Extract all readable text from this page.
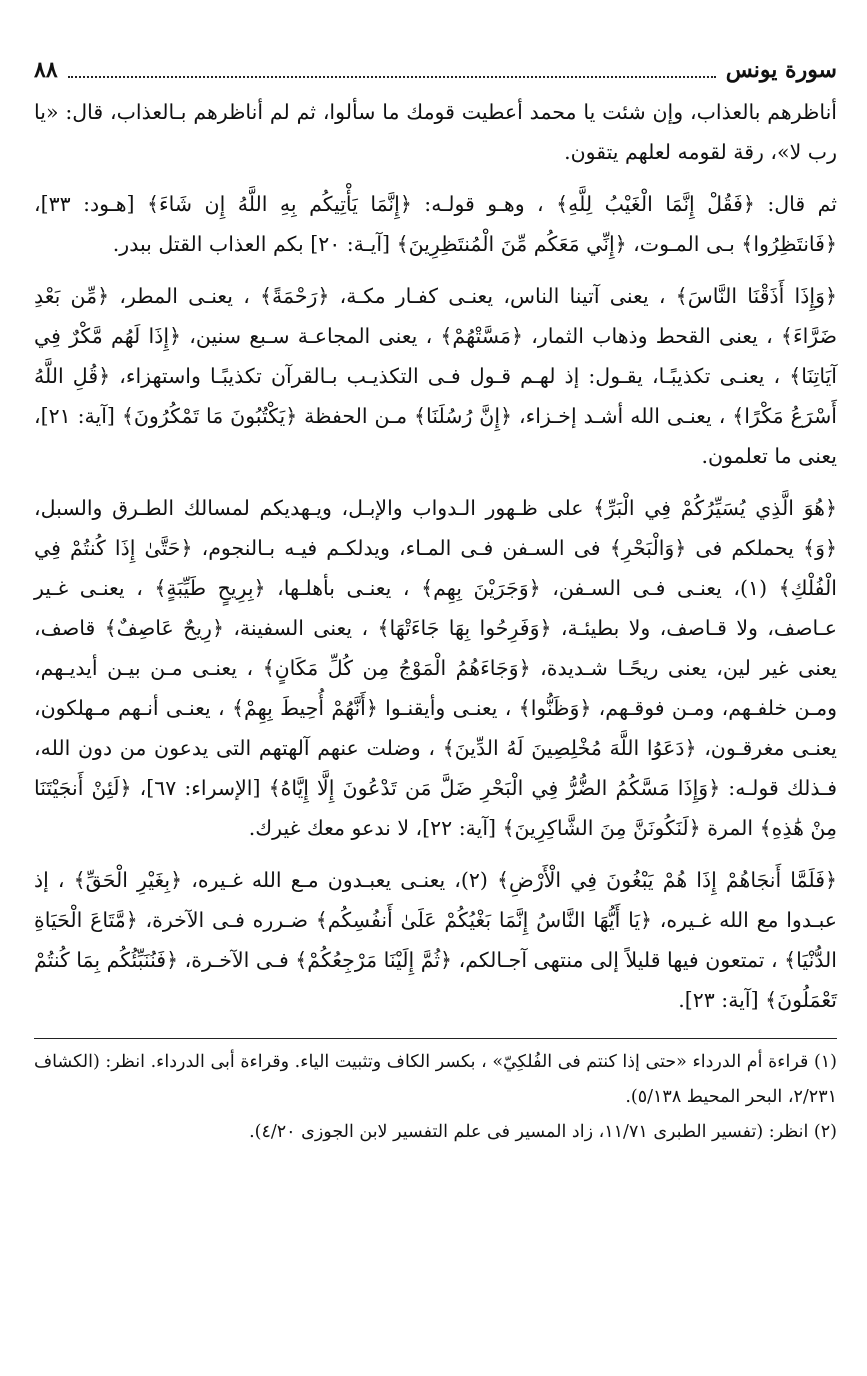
سورة يونس
٨٨

أناظرهم بالعذاب، وإن شئت يا محمد أعطيت قومك ما سألوا، ثم لم أناظرهم بـالعذاب، قال: «يا رب لا»، رقة لقومه لعلهم يتقون.

ثم قال: ﴿فَقُلْ إِنَّمَا الْغَيْبُ لِلَّهِ﴾ ، وهـو قولـه: ﴿إِنَّمَا يَأْتِيكُم بِهِ اللَّهُ إِن شَاءَ﴾ [هـود: ٣٣]، ﴿فَانتَظِرُوا﴾ بـى المـوت، ﴿إِنِّي مَعَكُم مِّنَ الْمُنتَظِرِينَ﴾ [آيـة: ٢٠] بكم العذاب القتل ببدر.

﴿وَإِذَا أَذَقْنَا النَّاسَ﴾ ، يعنى آتينا الناس، يعنـى كفـار مكـة، ﴿رَحْمَةً﴾ ، يعنـى المطر، ﴿مِّن بَعْدِ ضَرَّاءَ﴾ ، يعنى القحط وذهاب الثمار، ﴿مَسَّتْهُمْ﴾ ، يعنى المجاعـة سـبع سنين، ﴿إِذَا لَهُم مَّكْرٌ فِي آيَاتِنَا﴾ ، يعنـى تكذيبًـا، يقـول: إذ لهـم قـول فـى التكذيـب بـالقرآن تكذيبًـا واستهزاء، ﴿قُلِ اللَّهُ أَسْرَعُ مَكْرًا﴾ ، يعنـى الله أشـد إخـزاء، ﴿إِنَّ رُسُلَنَا﴾ مـن الحفظة ﴿يَكْتُبُونَ مَا تَمْكُرُونَ﴾ [آية: ٢١]، يعنى ما تعلمون.

﴿هُوَ الَّذِي يُسَيِّرُكُمْ فِي الْبَرِّ﴾ على ظـهور الـدواب والإبـل، ويـهديكم لمسالك الطـرق والسبل، ﴿وَ﴾ يحملكم فى ﴿وَالْبَحْرِ﴾ فى السـفن فـى المـاء، ويدلكـم فيـه بـالنجوم، ﴿حَتَّىٰ إِذَا كُنتُمْ فِي الْفُلْكِ﴾ (١)، يعنـى فـى السـفن، ﴿وَجَرَيْنَ بِهِم﴾ ، يعنـى بأهلـها، ﴿بِرِيحٍ طَيِّبَةٍ﴾ ، يعنـى غـير عـاصف، ولا قـاصف، ولا بطيئـة، ﴿وَفَرِحُوا بِهَا جَاءَتْهَا﴾ ، يعنى السفينة، ﴿رِيحٌ عَاصِفٌ﴾ قاصف، يعنى غير لين، يعنى ريحًـا شـديدة، ﴿وَجَاءَهُمُ الْمَوْجُ مِن كُلِّ مَكَانٍ﴾ ، يعنـى مـن بيـن أيديـهم، ومـن خلفـهم، ومـن فوقـهم، ﴿وَظَنُّوا﴾ ، يعنـى وأيقنـوا ﴿أَنَّهُمْ أُحِيطَ بِهِمْ﴾ ، يعنـى أنـهم مـهلكون، يعنـى مغرقـون، ﴿دَعَوُا اللَّهَ مُخْلِصِينَ لَهُ الدِّينَ﴾ ، وضلت عنهم آلهتهم التى يدعون من دون الله، فـذلك قولـه: ﴿وَإِذَا مَسَّكُمُ الضُّرُّ فِي الْبَحْرِ ضَلَّ مَن تَدْعُونَ إِلَّا إِيَّاهُ﴾ [الإسراء: ٦٧]، ﴿لَئِنْ أَنجَيْتَنَا مِنْ هَٰذِهِ﴾ المرة ﴿لَنَكُونَنَّ مِنَ الشَّاكِرِينَ﴾ [آية: ٢٢]، لا ندعو معك غيرك.

﴿فَلَمَّا أَنجَاهُمْ إِذَا هُمْ يَبْغُونَ فِي الْأَرْضِ﴾ (٢)، يعنـى يعبـدون مـع الله غـيره، ﴿بِغَيْرِ الْحَقِّ﴾ ، إذ عبـدوا مع الله غـيره، ﴿يَا أَيُّهَا النَّاسُ إِنَّمَا بَغْيُكُمْ عَلَىٰ أَنفُسِكُم﴾ ضـرره فـى الآخرة، ﴿مَّتَاعَ الْحَيَاةِ الدُّنْيَا﴾ ، تمتعون فيها قليلاً إلى منتهى آجـالكم، ﴿ثُمَّ إِلَيْنَا مَرْجِعُكُمْ﴾ فـى الآخـرة، ﴿فَنُنَبِّئُكُم بِمَا كُنتُمْ تَعْمَلُونَ﴾ [آية: ٢٣].

(١) قراءة أم الدرداء «حتى إذا كنتم فى الفُلكِيّ» ، بكسر الكاف وتثبيت الياء. وقراءة أبى الدرداء. انظر: (الكشاف ٢/٢٣١، البحر المحيط ٥/١٣٨).

(٢) انظر: (تفسير الطبرى ١١/٧١، زاد المسير فى علم التفسير لابن الجوزى ٤/٢٠).
